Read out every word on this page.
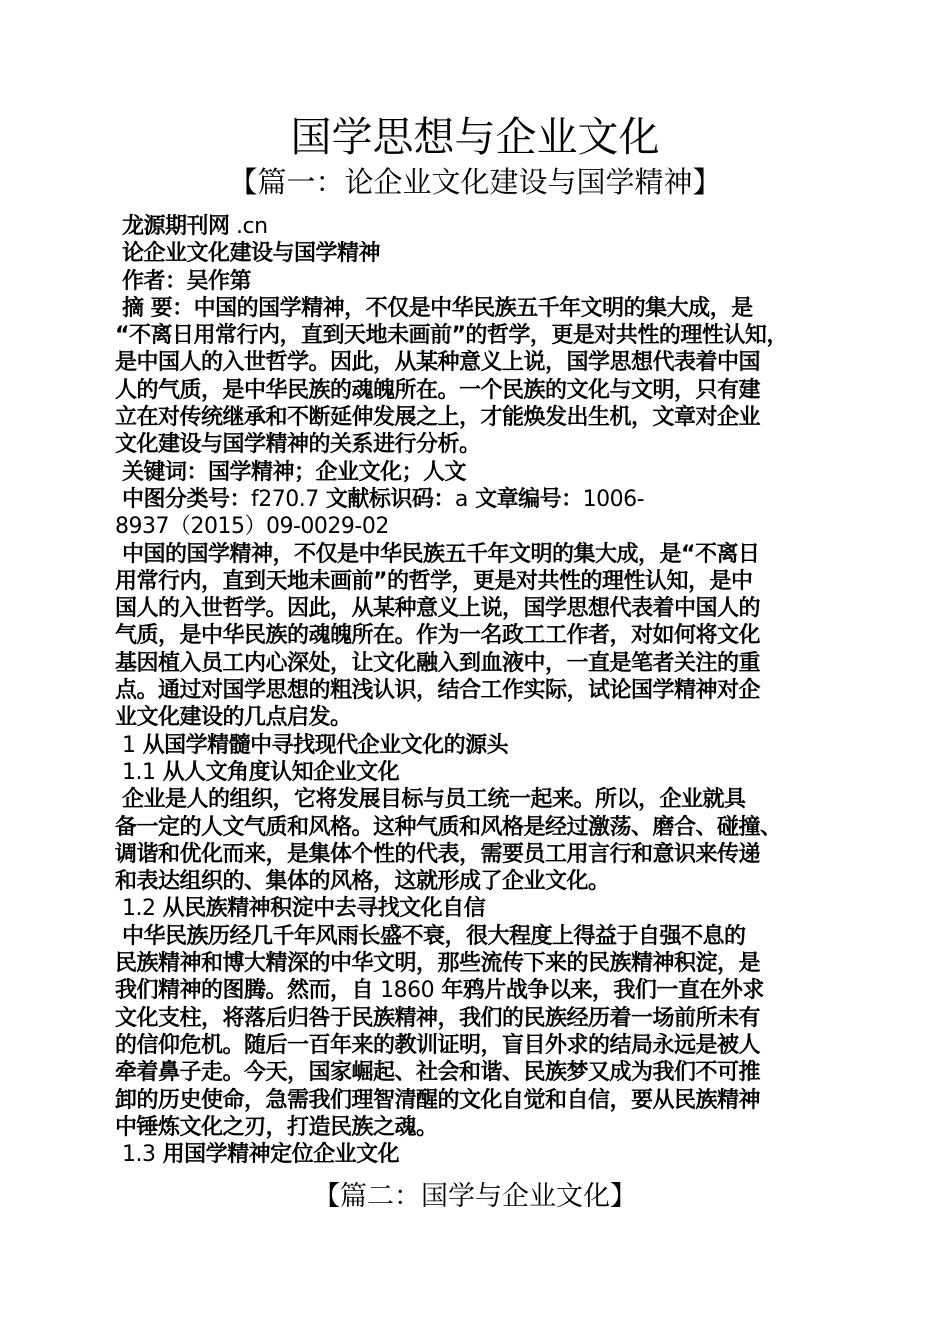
国学思想与企业文化
【篇一：论企业文化建设与国学精神】
龙源期刊网 .cn
论企业文化建设与国学精神
作者：吴作第
摘 要：中国的国学精神，不仅是中华民族五千年文明的集大成，是
“不离日用常行内，直到天地未画前”的哲学，更是对共性的理性认知，
是中国人的入世哲学。因此，从某种意义上说，国学思想代表着中国
人的气质，是中华民族的魂魄所在。一个民族的文化与文明，只有建
立在对传统继承和不断延伸发展之上，才能焕发出生机，文章对企业
文化建设与国学精神的关系进行分析。
关键词：国学精神；企业文化；人文
中图分类号：f270.7 文献标识码：a 文章编号：1006-
8937（2015）09-0029-02
中国的国学精神，不仅是中华民族五千年文明的集大成，是“不离日
用常行内，直到天地未画前”的哲学，更是对共性的理性认知，是中
国人的入世哲学。因此，从某种意义上说，国学思想代表着中国人的
气质，是中华民族的魂魄所在。作为一名政工工作者，对如何将文化
基因植入员工内心深处，让文化融入到血液中，一直是笔者关注的重
点。通过对国学思想的粗浅认识，结合工作实际，试论国学精神对企
业文化建设的几点启发。
1 从国学精髓中寻找现代企业文化的源头
1.1 从人文角度认知企业文化
企业是人的组织，它将发展目标与员工统一起来。所以，企业就具
备一定的人文气质和风格。这种气质和风格是经过激荡、磨合、碰撞、
调谐和优化而来，是集体个性的代表，需要员工用言行和意识来传递
和表达组织的、集体的风格，这就形成了企业文化。
1.2 从民族精神积淀中去寻找文化自信
中华民族历经几千年风雨长盛不衰，很大程度上得益于自强不息的
民族精神和博大精深的中华文明，那些流传下来的民族精神积淀，是
我们精神的图腾。然而，自 1860 年鸦片战争以来，我们一直在外求
文化支柱，将落后归咎于民族精神，我们的民族经历着一场前所未有
的信仰危机。随后一百年来的教训证明，盲目外求的结局永远是被人
牵着鼻子走。今天，国家崛起、社会和谐、民族梦又成为我们不可推
卸的历史使命，急需我们理智清醒的文化自觉和自信，要从民族精神
中锤炼文化之刃，打造民族之魂。
1.3 用国学精神定位企业文化
【篇二：国学与企业文化】
